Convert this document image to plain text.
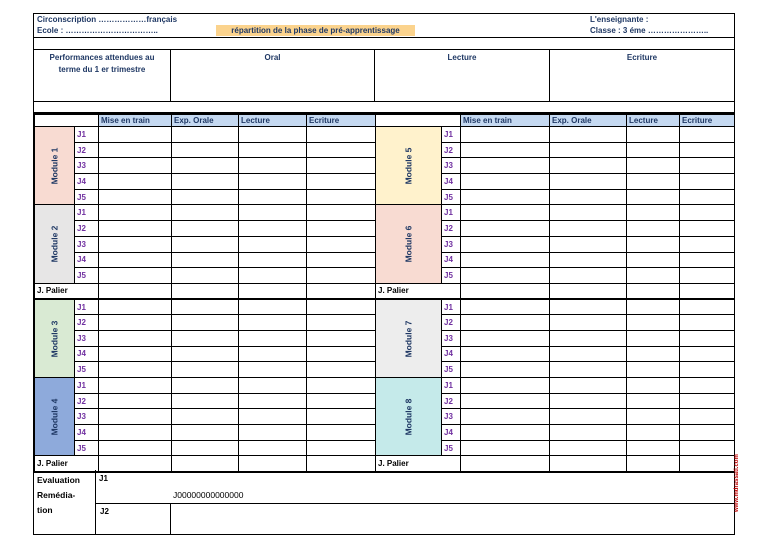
Circonscription ………………français
Ecole : ……………………………..	répartition de la phase de pré-apprentissage
L'enseignante :
Classe : 3 éme …………………..
Performances attendues au
terme du 1 er trimestre
Oral	Lecture	Ecriture
		Mise en train	Exp. Orale	Lecture	Ecriture			Mise en train	Exp. Orale	Lecture	Ecriture
Module 1	J1					Module 5	J1				
	J2						J2				
	J3						J3				
	J4						J4				
	J5						J5				
Module 2	J1					Module 6	J1				
	J2						J2				
	J3						J3				
	J4						J4				
	J5						J5				
J. Palier						J. Palier					
Module 3	J1					Module 7	J1				
	J2						J2				
	J3						J3				
	J4						J4				
	J5						J5				
Module 4	J1					Module 8	J1				
	J2						J2				
	J3						J3				
	J4						J4				
	J5						J5				
J. Palier						J. Palier					
Evaluation
Remédia-
tion
J1
J00000000000000
J2	www.mdrassati.com
